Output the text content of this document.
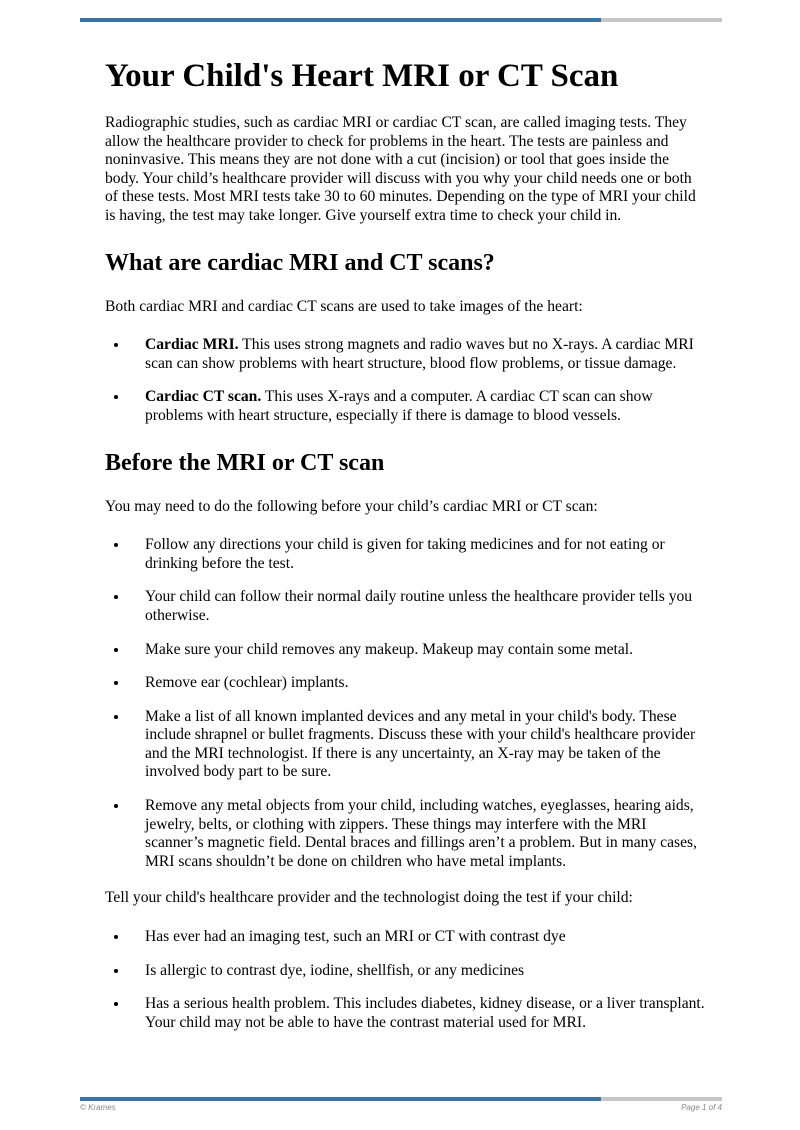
Your Child's Heart MRI or CT Scan

Radiographic studies, such as cardiac MRI or cardiac CT scan, are called imaging tests. They allow the healthcare provider to check for problems in the heart. The tests are painless and noninvasive. This means they are not done with a cut (incision) or tool that goes inside the body. Your child’s healthcare provider will discuss with you why your child needs one or both of these tests. Most MRI tests take 30 to 60 minutes. Depending on the type of MRI your child is having, the test may take longer. Give yourself extra time to check your child in.

What are cardiac MRI and CT scans?

Both cardiac MRI and cardiac CT scans are used to take images of the heart:

• Cardiac MRI. This uses strong magnets and radio waves but no X-rays. A cardiac MRI scan can show problems with heart structure, blood flow problems, or tissue damage.
• Cardiac CT scan. This uses X-rays and a computer. A cardiac CT scan can show problems with heart structure, especially if there is damage to blood vessels.
Before the MRI or CT scan

You may need to do the following before your child’s cardiac MRI or CT scan:

• Follow any directions your child is given for taking medicines and for not eating or drinking before the test.
• Your child can follow their normal daily routine unless the healthcare provider tells you otherwise.
• Make sure your child removes any makeup. Makeup may contain some metal.
• Remove ear (cochlear) implants.
• Make a list of all known implanted devices and any metal in your child's body. These include shrapnel or bullet fragments. Discuss these with your child's healthcare provider and the MRI technologist. If there is any uncertainty, an X-ray may be taken of the involved body part to be sure.
• Remove any metal objects from your child, including watches, eyeglasses, hearing aids, jewelry, belts, or clothing with zippers. These things may interfere with the MRI scanner’s magnetic field. Dental braces and fillings aren’t a problem. But in many cases, MRI scans shouldn’t be done on children who have metal implants.

Tell your child's healthcare provider and the technologist doing the test if your child:

• Has ever had an imaging test, such an MRI or CT with contrast dye
• Is allergic to contrast dye, iodine, shellfish, or any medicines
• Has a serious health problem. This includes diabetes, kidney disease, or a liver transplant. Your child may not be able to have the contrast material used for MRI.
© Krames	Page 1 of 4
